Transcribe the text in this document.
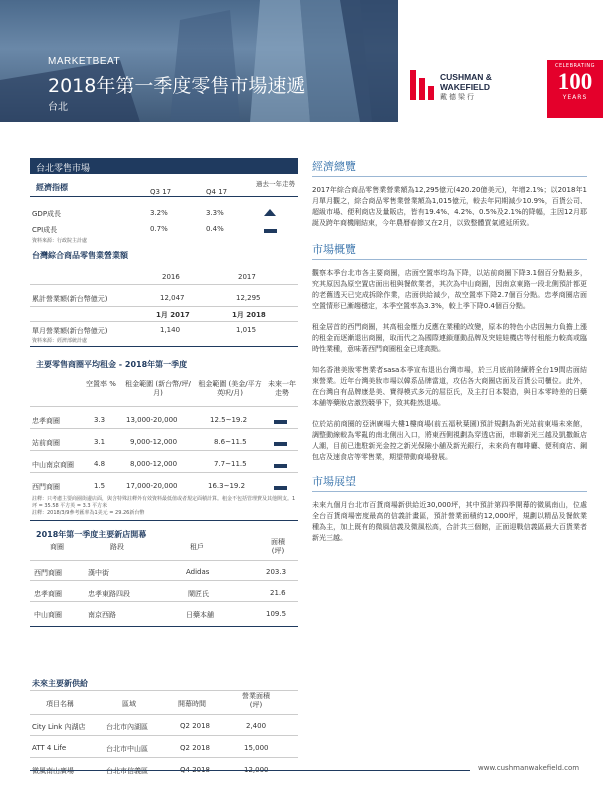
MARKETBEAT
2018年第一季度零售市場速遞
台北
CUSHMAN &
WAKEFIELD
戴德梁行
CELEBRATING
100
YEARS
台北零售市場
經濟指標	Q3 17	Q4 17
過去一年走勢
GDP成長	3.2%	3.3%
CPI成長	0.7%	0.4%
資料來源：行政院主計處
台灣綜合商品零售業營業額
2016	2017
累計營業額(新台幣億元)	12,047	12,295
1月 2017	1月 2018
單月營業額(新台幣億元)	1,140	1,015
資料來源：經濟部統計處
主要零售商圈平均租金 - 2018年第一季度
空置率 %	租金範圍 (新台幣/坪/月)
租金範圍 (美金/平方英呎/月)
未來一年走勢
忠孝商圈	3.3	13,000-20,000	12.5~19.2
站前商圈	3.1	9,000-12,000	8.6~11.5
中山南京商圈	4.8	8,000-12,000	7.7~11.5
西門商圈	1.5	17,000-20,000	16.3~19.2
註釋：只考慮主要商圈街邊店面，與含特殊註釋外有效資料最低值或者規定面積計算。租金不包括管理費及其他開支。1 坪 = 35.58 平方英 = 3.3 平方米
註釋：2018/3/9參考匯率為1美元 = 29.26新台幣
2018年第一季度主要新店開幕
商圈	路段	租戶
面積 (坪)
西門商圈	漢中街	Adidas	203.3
忠孝商圈	忠孝東路四段	鬧匠氏	21.6
中山商圈	南京西路	日藥本舖	109.5
未來主要新供給
項目名稱	區域	開幕時間
營業面積 (坪)
City Link 內湖店	台北市內湖區	Q2 2018	2,400
ATT 4 Life	台北市中山區	Q2 2018	15,000
微風南山廣場	台北市信義區	Q4 2018	12,000
經濟總覽
2017年綜合商品零售業營業額為12,295億元(420.20億美元)，年增2.1%；以2018年1月單月觀之，綜合商品零售業營業額為1,015億元，較去年同期減少10.9%，百貨公司、超級市場、便利商店及量販店，皆有19.4%、4.2%、0.5%及2.1%的降幅，主因12月耶誕及跨年商機剛結束，今年農曆春節又在2月，以致整體買氣遞延所致。
市場概覽
觀察本季台北市各主要商圈，店面空置率均為下降，以站前商圈下降3.1個百分點最多，究其原因為原空置店面出租與餐飲業者，其次為中山商圈，因南京東路一段北側預計都更的老舊透天已完成拆除作業，店面供給減少，故空置率下降2.7個百分點。忠孝商圈店面空置情形已漸趨穩定，本季空置率為3.3%，較上季下降0.4個百分點。
租金居首的西門商圈，其高租金壓力反應在業種的改變，原本的特色小店因無力負擔上漲的租金而逐漸退出商圈，取而代之為國際連鎖運動品牌及突娃娃機店等付租能力較高或臨時性業種，意味著西門商圈租金已達高點。
知名香港美妝零售業者sasa本季宣布退出台灣市場，於三月底前陸續將全台19間店面結束營業。近年台灣美妝市場以韓系品牌當道，攻佔各大商圈店面及百貨公司櫃位。此外，在台灣自有品牌康是美、寶得模式多元的屈臣氏，及主打日本製造，與日本零時差的日藥本舖等藥妝店激烈競爭下，致其鞋然退場。
位於站前商圈的亞洲廣場大樓1樓商場(前五福秋葉園)預計規劃為新光站前東場未來館，調整動線較為零亂的南北側出入口，將東西側視劃為穿透店面，串聯新光三越及凱撒飯店人潮，目前已進駐新光金控之新光保險小舖及新光銀行，未來尚有咖啡廳、便利商店、鋼包店及速食店等零售業，期望帶動商場發展。
市場展望
未來九個月台北市百貨商場新供給近30,000坪，其中預計第四季開幕的微風南山，位處全台百貨商場密度最高的信義計畫區，預計營業面積約12,000坪，規劃以精品及餐飲業種為主，加上既有的微風信義及微風松高，合計共三個館，正面迎戰信義區最大百貨業者新光三越。
www.cushmanwakefield.com
